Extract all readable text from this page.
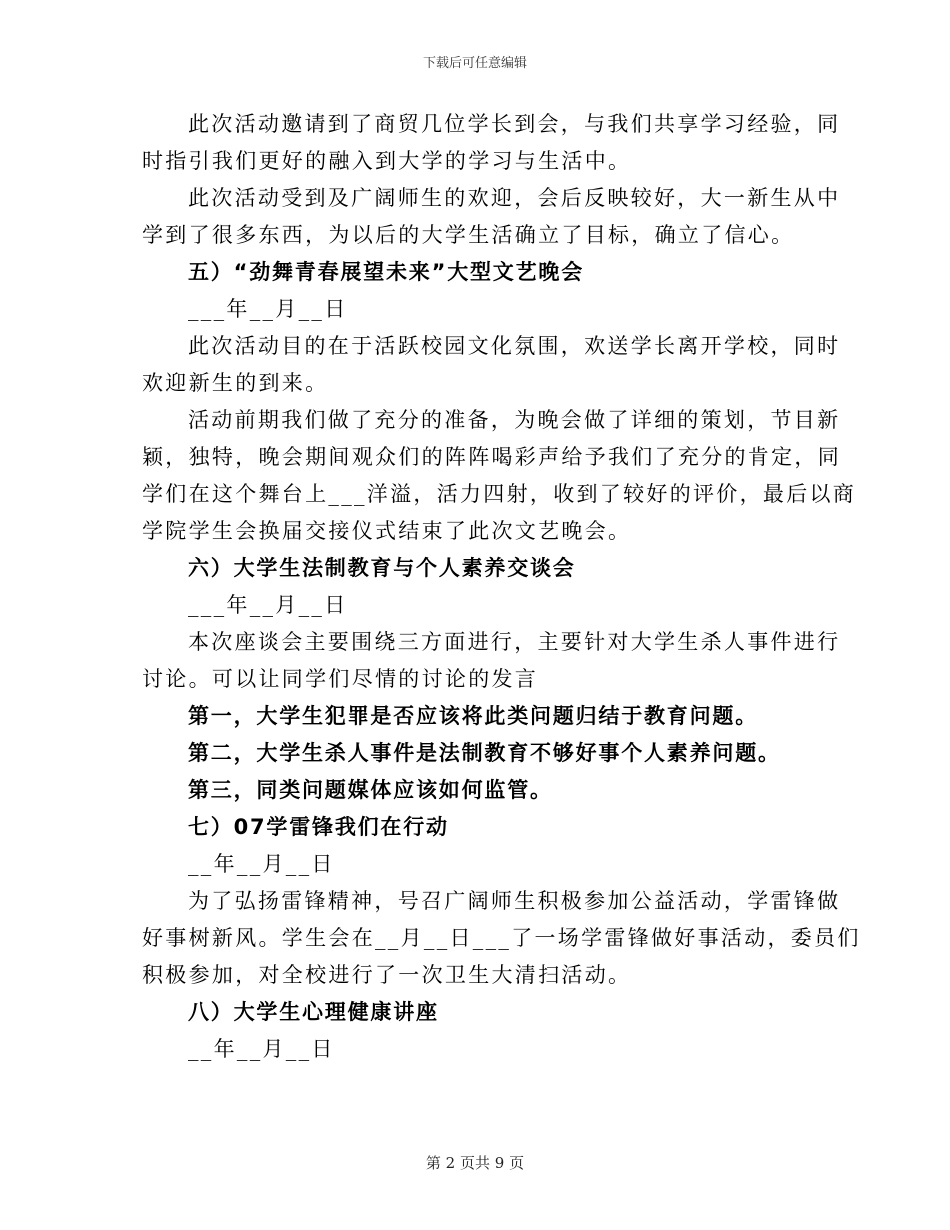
下载后可任意编辑
此次活动邀请到了商贸几位学长到会，与我们共享学习经验，同
时指引我们更好的融入到大学的学习与生活中。
此次活动受到及广阔师生的欢迎，会后反映较好，大一新生从中
学到了很多东西，为以后的大学生活确立了目标，确立了信心。
五）“劲舞青春展望未来”大型文艺晚会
___年__月__日
此次活动目的在于活跃校园文化氛围，欢送学长离开学校，同时
欢迎新生的到来。
活动前期我们做了充分的准备，为晚会做了详细的策划，节目新
颖，独特，晚会期间观众们的阵阵喝彩声给予我们了充分的肯定，同
学们在这个舞台上___洋溢，活力四射，收到了较好的评价，最后以商
学院学生会换届交接仪式结束了此次文艺晚会。
六）大学生法制教育与个人素养交谈会
___年__月__日
本次座谈会主要围绕三方面进行，主要针对大学生杀人事件进行
讨论。可以让同学们尽情的讨论的发言
第一，大学生犯罪是否应该将此类问题归结于教育问题。
第二，大学生杀人事件是法制教育不够好事个人素养问题。
第三，同类问题媒体应该如何监管。
七）07学雷锋我们在行动
__年__月__日
为了弘扬雷锋精神，号召广阔师生积极参加公益活动，学雷锋做
好事树新风。学生会在__月__日___了一场学雷锋做好事活动，委员们
积极参加，对全校进行了一次卫生大清扫活动。
八）大学生心理健康讲座
__年__月__日
第 2 页共 9 页
